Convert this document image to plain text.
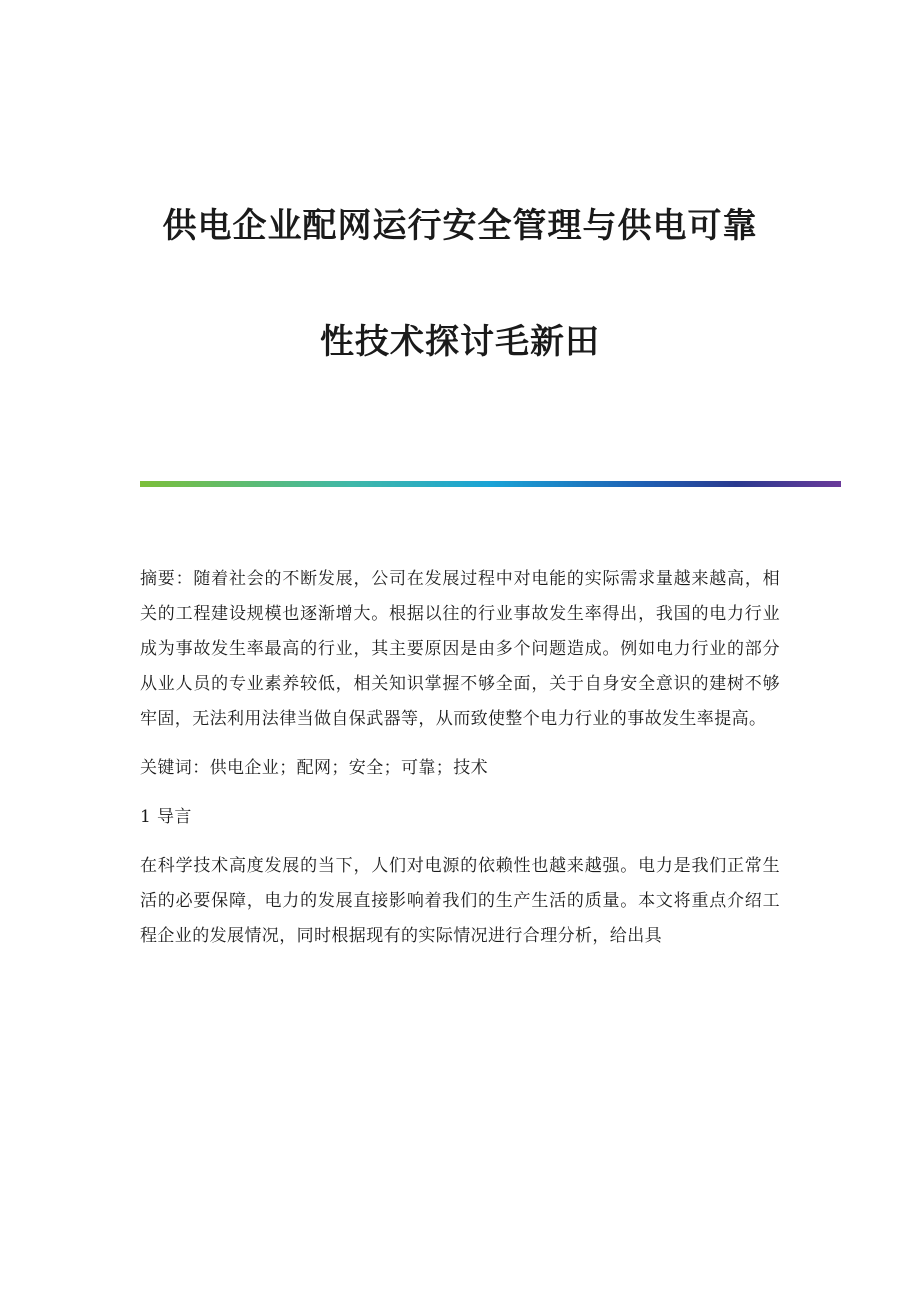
供电企业配网运行安全管理与供电可靠

性技术探讨毛新田

摘要：随着社会的不断发展，公司在发展过程中对电能的实际需求量越来越高，相关的工程建设规模也逐渐增大。根据以往的行业事故发生率得出，我国的电力行业成为事故发生率最高的行业，其主要原因是由多个问题造成。例如电力行业的部分从业人员的专业素养较低，相关知识掌握不够全面，关于自身安全意识的建树不够牢固，无法利用法律当做自保武器等，从而致使整个电力行业的事故发生率提高。

关键词：供电企业；配网；安全；可靠；技术

1 导言

在科学技术高度发展的当下，人们对电源的依赖性也越来越强。电力是我们正常生活的必要保障，电力的发展直接影响着我们的生产生活的质量。本文将重点介绍工程企业的发展情况，同时根据现有的实际情况进行合理分析，给出具
